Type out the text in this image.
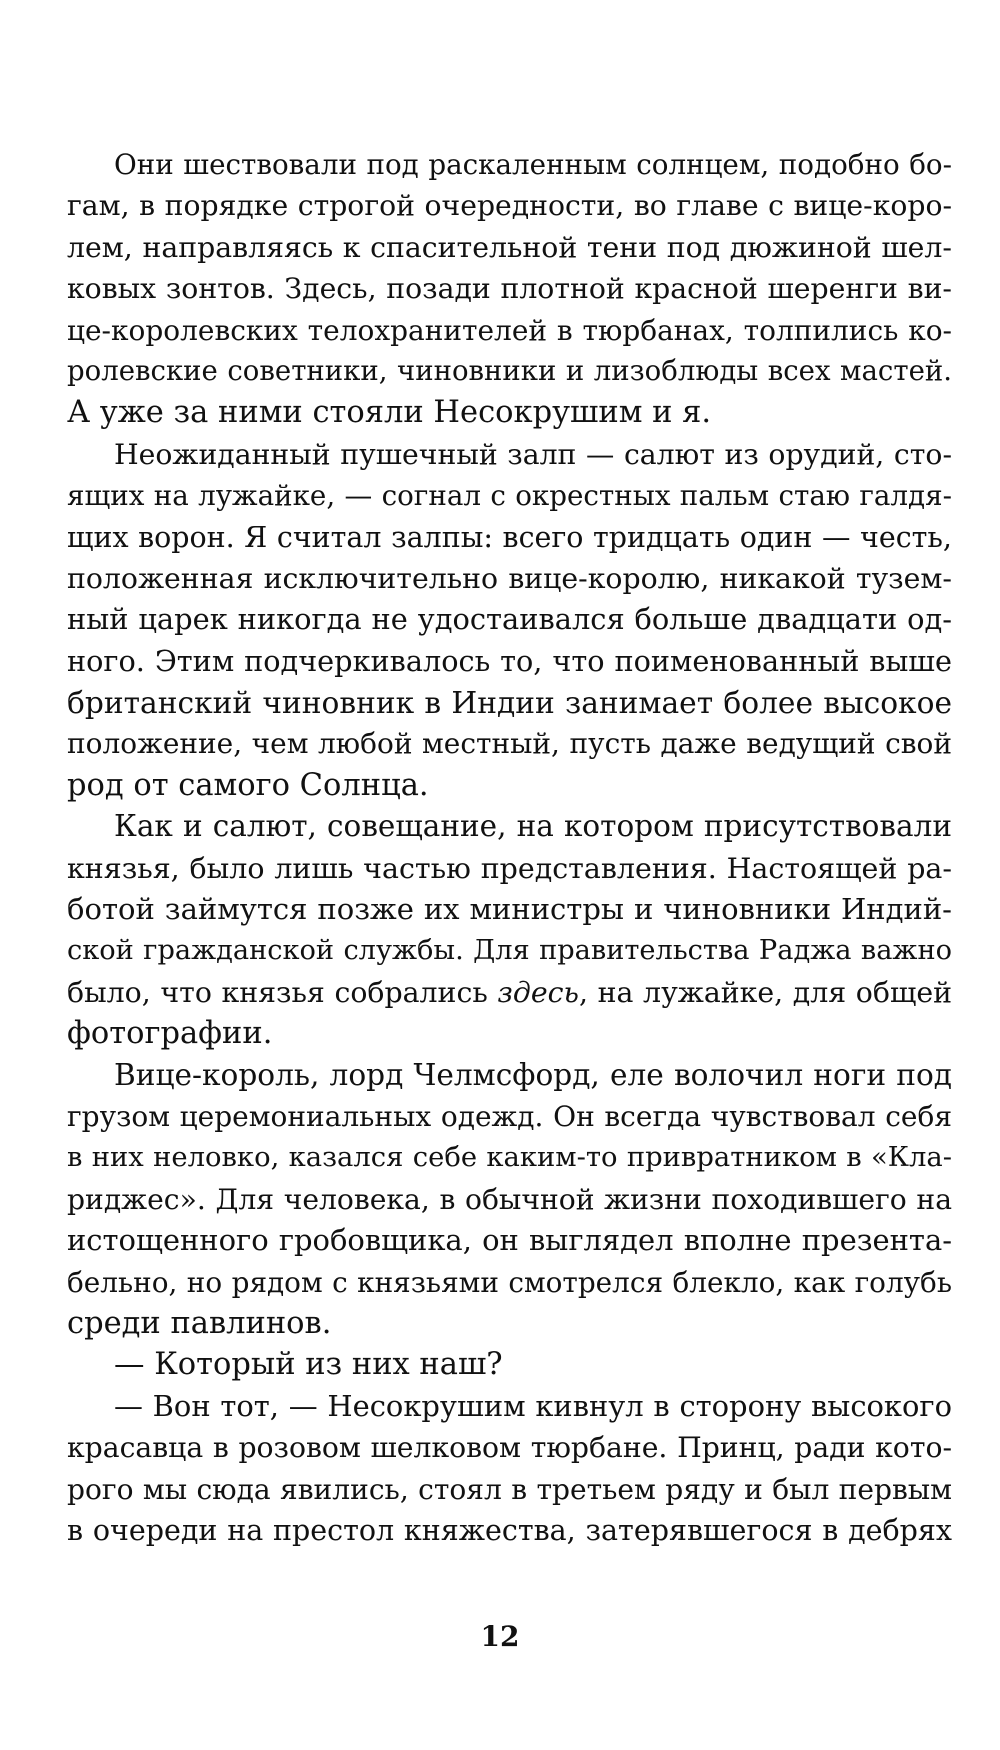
Они шествовали под раскаленным солнцем, подобно бо-
гам, в порядке строгой очередности, во главе с вице-коро-
лем, направляясь к спасительной тени под дюжиной шел-
ковых зонтов. Здесь, позади плотной красной шеренги ви-
це-королевских телохранителей в тюрбанах, толпились ко-
ролевские советники, чиновники и лизоблюды всех мастей.
А уже за ними стояли Несокрушим и я.
Неожиданный пушечный залп — салют из орудий, сто-
ящих на лужайке, — согнал с окрестных пальм стаю галдя-
щих ворон. Я считал залпы: всего тридцать один — честь,
положенная исключительно вице-королю, никакой тузем-
ный царек никогда не удостаивался больше двадцати од-
ного. Этим подчеркивалось то, что поименованный выше
британский чиновник в Индии занимает более высокое
положение, чем любой местный, пусть даже ведущий свой
род от самого Солнца.
Как и салют, совещание, на котором присутствовали
князья, было лишь частью представления. Настоящей ра-
ботой займутся позже их министры и чиновники Индий-
ской гражданской службы. Для правительства Раджа важно
было, что князья собрались здесь, на лужайке, для общей
фотографии.
Вице-король, лорд Челмсфорд, еле волочил ноги под
грузом церемониальных одежд. Он всегда чувствовал себя
в них неловко, казался себе каким-то привратником в «Кла-
риджес». Для человека, в обычной жизни походившего на
истощенного гробовщика, он выглядел вполне презента-
бельно, но рядом с князьями смотрелся блекло, как голубь
среди павлинов.
— Который из них наш?
— Вон тот, — Несокрушим кивнул в сторону высокого
красавца в розовом шелковом тюрбане. Принц, ради кото-
рого мы сюда явились, стоял в третьем ряду и был первым
в очереди на престол княжества, затерявшегося в дебрях
12
